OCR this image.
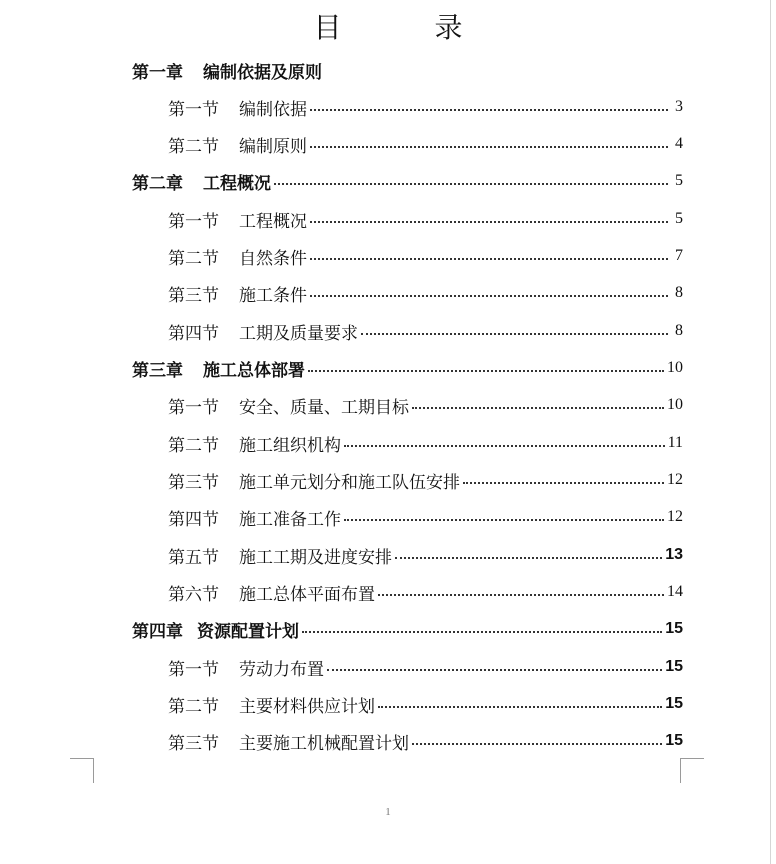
目 录
第一章 编制依据及原则
第一节 编制依据	3
第二节 编制原则	4
第二章 工程概况	5
第一节 工程概况	5
第二节 自然条件	7
第三节 施工条件	8
第四节 工期及质量要求	8
第三章 施工总体部署	10
第一节 安全、质量、工期目标	10
第二节 施工组织机构	11
第三节 施工单元划分和施工队伍安排	12
第四节 施工准备工作	12
第五节 施工工期及进度安排	13
第六节 施工总体平面布置	14
第四章 资源配置计划	15
第一节 劳动力布置	15
第二节 主要材料供应计划	15
第三节 主要施工机械配置计划	15
1
